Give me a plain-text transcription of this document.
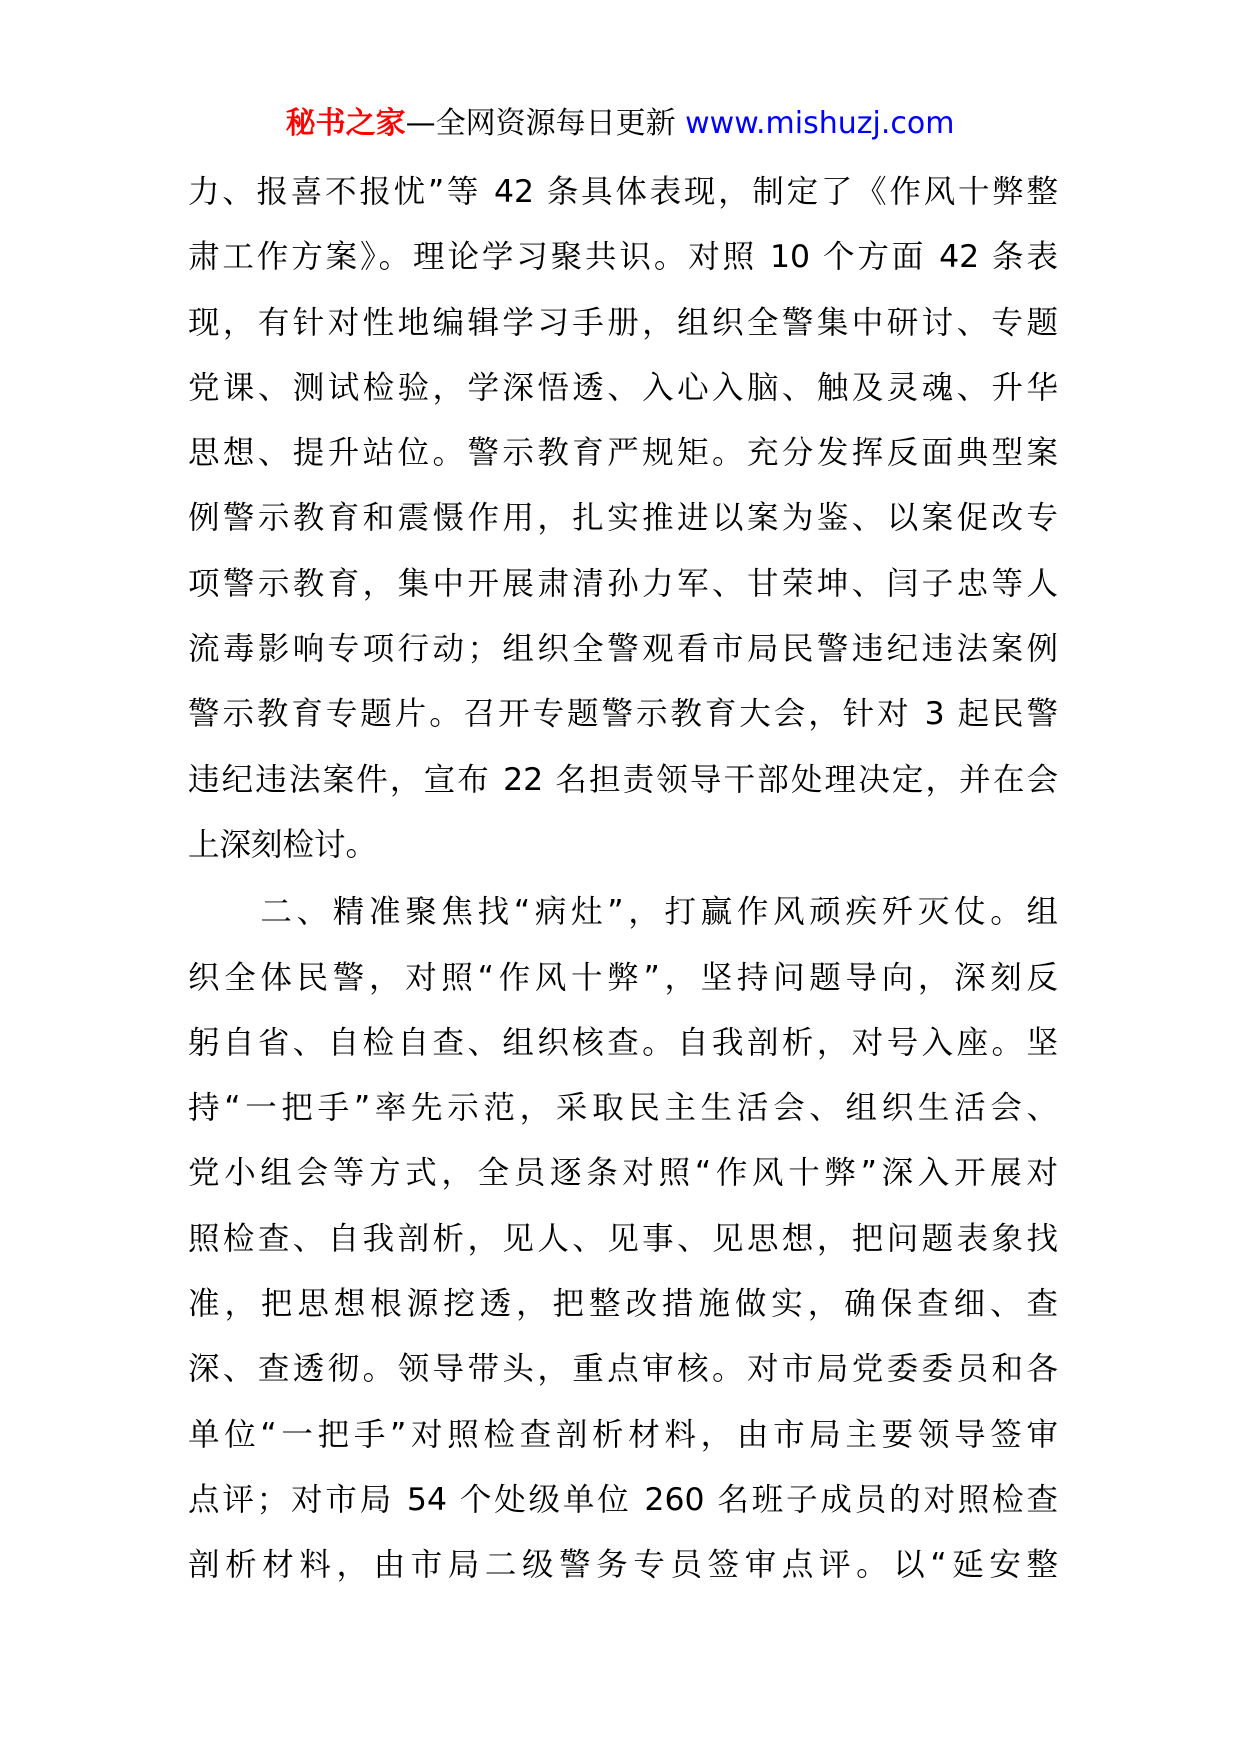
秘书之家—全网资源每日更新 www.mishuzj.com
力、报喜不报忧”等 42 条具体表现，制定了《作风十弊整
肃工作方案》。理论学习聚共识。对照 10 个方面 42 条表
现，有针对性地编辑学习手册，组织全警集中研讨、专题
党课、测试检验，学深悟透、入心入脑、触及灵魂、升华
思想、提升站位。警示教育严规矩。充分发挥反面典型案
例警示教育和震慑作用，扎实推进以案为鉴、以案促改专
项警示教育，集中开展肃清孙力军、甘荣坤、闫子忠等人
流毒影响专项行动；组织全警观看市局民警违纪违法案例
警示教育专题片。召开专题警示教育大会，针对 3 起民警
违纪违法案件，宣布 22 名担责领导干部处理决定，并在会
上深刻检讨。
　　二、精准聚焦找“病灶”，打赢作风顽疾歼灭仗。组
织全体民警，对照“作风十弊”，坚持问题导向，深刻反
躬自省、自检自查、组织核查。自我剖析，对号入座。坚
持“一把手”率先示范，采取民主生活会、组织生活会、
党小组会等方式，全员逐条对照“作风十弊”深入开展对
照检查、自我剖析，见人、见事、见思想，把问题表象找
准，把思想根源挖透，把整改措施做实，确保查细、查
深、查透彻。领导带头，重点审核。对市局党委委员和各
单位“一把手”对照检查剖析材料，由市局主要领导签审
点评；对市局 54 个处级单位 260 名班子成员的对照检查
剖析材料，由市局二级警务专员签审点评。以“延安整
